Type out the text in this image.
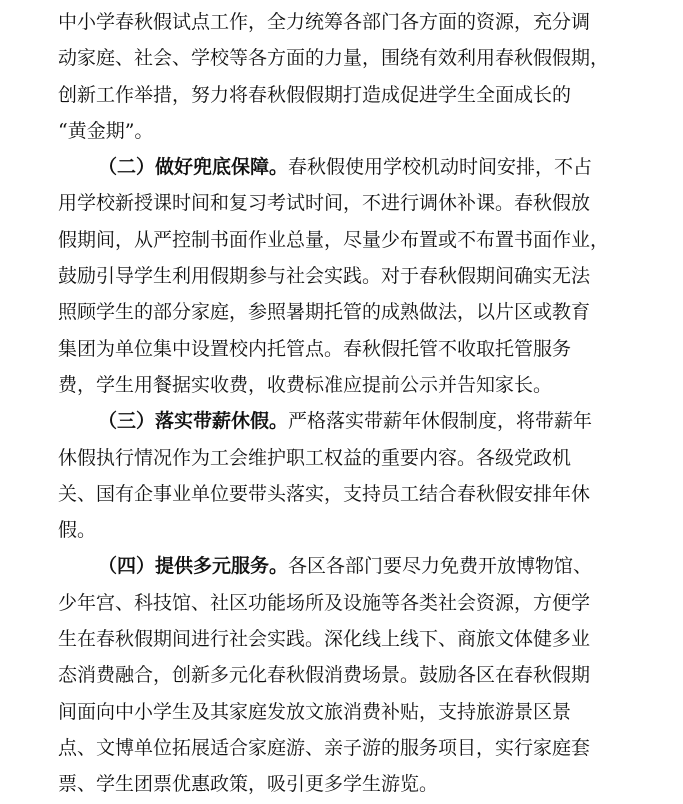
中小学春秋假试点工作，全力统筹各部门各方面的资源，充分调
动家庭、社会、学校等各方面的力量，围绕有效利用春秋假假期，
创新工作举措，努力将春秋假假期打造成促进学生全面成长的
“黄金期”。
（二）做好兜底保障。春秋假使用学校机动时间安排，不占
用学校新授课时间和复习考试时间，不进行调休补课。春秋假放
假期间，从严控制书面作业总量，尽量少布置或不布置书面作业，
鼓励引导学生利用假期参与社会实践。对于春秋假期间确实无法
照顾学生的部分家庭，参照暑期托管的成熟做法，以片区或教育
集团为单位集中设置校内托管点。春秋假托管不收取托管服务
费，学生用餐据实收费，收费标准应提前公示并告知家长。
（三）落实带薪休假。严格落实带薪年休假制度，将带薪年
休假执行情况作为工会维护职工权益的重要内容。各级党政机
关、国有企事业单位要带头落实，支持员工结合春秋假安排年休
假。
（四）提供多元服务。各区各部门要尽力免费开放博物馆、
少年宫、科技馆、社区功能场所及设施等各类社会资源，方便学
生在春秋假期间进行社会实践。深化线上线下、商旅文体健多业
态消费融合，创新多元化春秋假消费场景。鼓励各区在春秋假期
间面向中小学生及其家庭发放文旅消费补贴，支持旅游景区景
点、文博单位拓展适合家庭游、亲子游的服务项目，实行家庭套
票、学生团票优惠政策，吸引更多学生游览。
